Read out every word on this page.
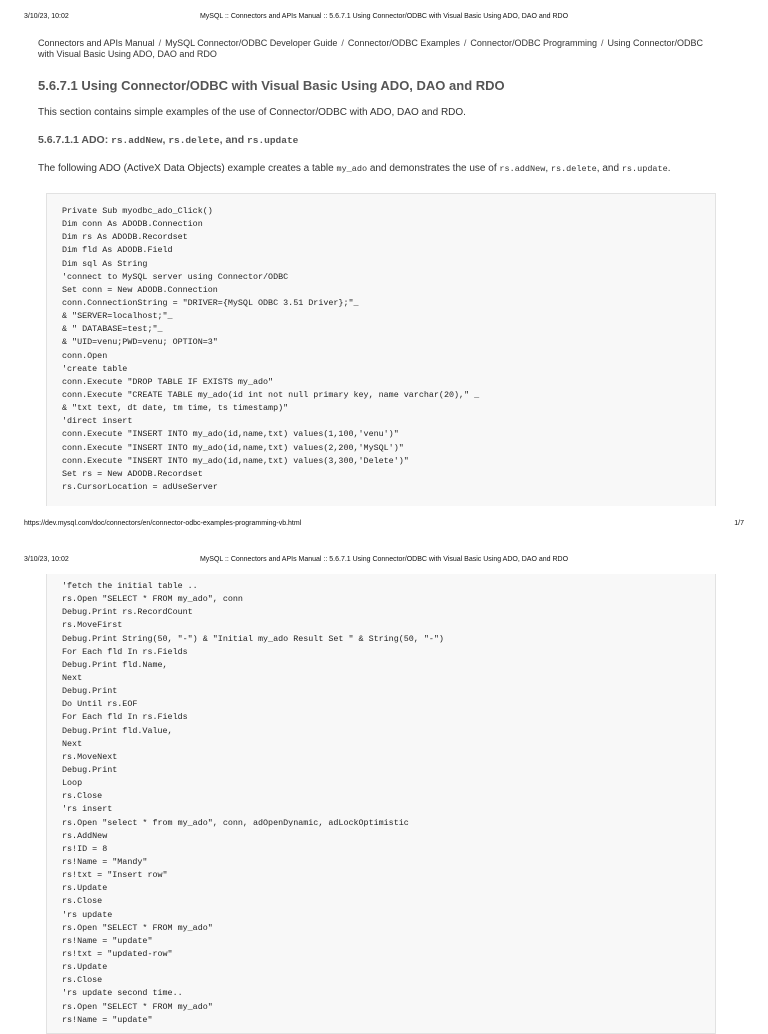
3/10/23, 10:02	MySQL :: Connectors and APIs Manual :: 5.6.7.1 Using Connector/ODBC with Visual Basic Using ADO, DAO and RDO
Connectors and APIs Manual / MySQL Connector/ODBC Developer Guide / Connector/ODBC Examples / Connector/ODBC Programming / Using Connector/ODBC with Visual Basic Using ADO, DAO and RDO
5.6.7.1 Using Connector/ODBC with Visual Basic Using ADO, DAO and RDO

This section contains simple examples of the use of Connector/ODBC with ADO, DAO and RDO.

5.6.7.1.1 ADO: rs.addNew, rs.delete, and rs.update

The following ADO (ActiveX Data Objects) example creates a table my_ado and demonstrates the use of rs.addNew, rs.delete, and rs.update.

Private Sub myodbc_ado_Click()
Dim conn As ADODB.Connection
Dim rs As ADODB.Recordset
Dim fld As ADODB.Field
Dim sql As String
'connect to MySQL server using Connector/ODBC
Set conn = New ADODB.Connection
conn.ConnectionString = "DRIVER={MySQL ODBC 3.51 Driver};"_
& "SERVER=localhost;"_
& " DATABASE=test;"_
& "UID=venu;PWD=venu; OPTION=3"
conn.Open
'create table
conn.Execute "DROP TABLE IF EXISTS my_ado"
conn.Execute "CREATE TABLE my_ado(id int not null primary key, name varchar(20)," _
& "txt text, dt date, tm time, ts timestamp)"
'direct insert
conn.Execute "INSERT INTO my_ado(id,name,txt) values(1,100,'venu')"
conn.Execute "INSERT INTO my_ado(id,name,txt) values(2,200,'MySQL')"
conn.Execute "INSERT INTO my_ado(id,name,txt) values(3,300,'Delete')"
Set rs = New ADODB.Recordset
rs.CursorLocation = adUseServer
https://dev.mysql.com/doc/connectors/en/connector-odbc-examples-programming-vb.html	1/7
3/10/23, 10:02	MySQL :: Connectors and APIs Manual :: 5.6.7.1 Using Connector/ODBC with Visual Basic Using ADO, DAO and RDO
'fetch the initial table ..
rs.Open "SELECT * FROM my_ado", conn
Debug.Print rs.RecordCount
rs.MoveFirst
Debug.Print String(50, "-") & "Initial my_ado Result Set " & String(50, "-")
For Each fld In rs.Fields
Debug.Print fld.Name,
Next
Debug.Print
Do Until rs.EOF
For Each fld In rs.Fields
Debug.Print fld.Value,
Next
rs.MoveNext
Debug.Print
Loop
rs.Close
'rs insert
rs.Open "select * from my_ado", conn, adOpenDynamic, adLockOptimistic
rs.AddNew
rs!ID = 8
rs!Name = "Mandy"
rs!txt = "Insert row"
rs.Update
rs.Close
'rs update
rs.Open "SELECT * FROM my_ado"
rs!Name = "update"
rs!txt = "updated-row"
rs.Update
rs.Close
'rs update second time..
rs.Open "SELECT * FROM my_ado"
rs!Name = "update"
